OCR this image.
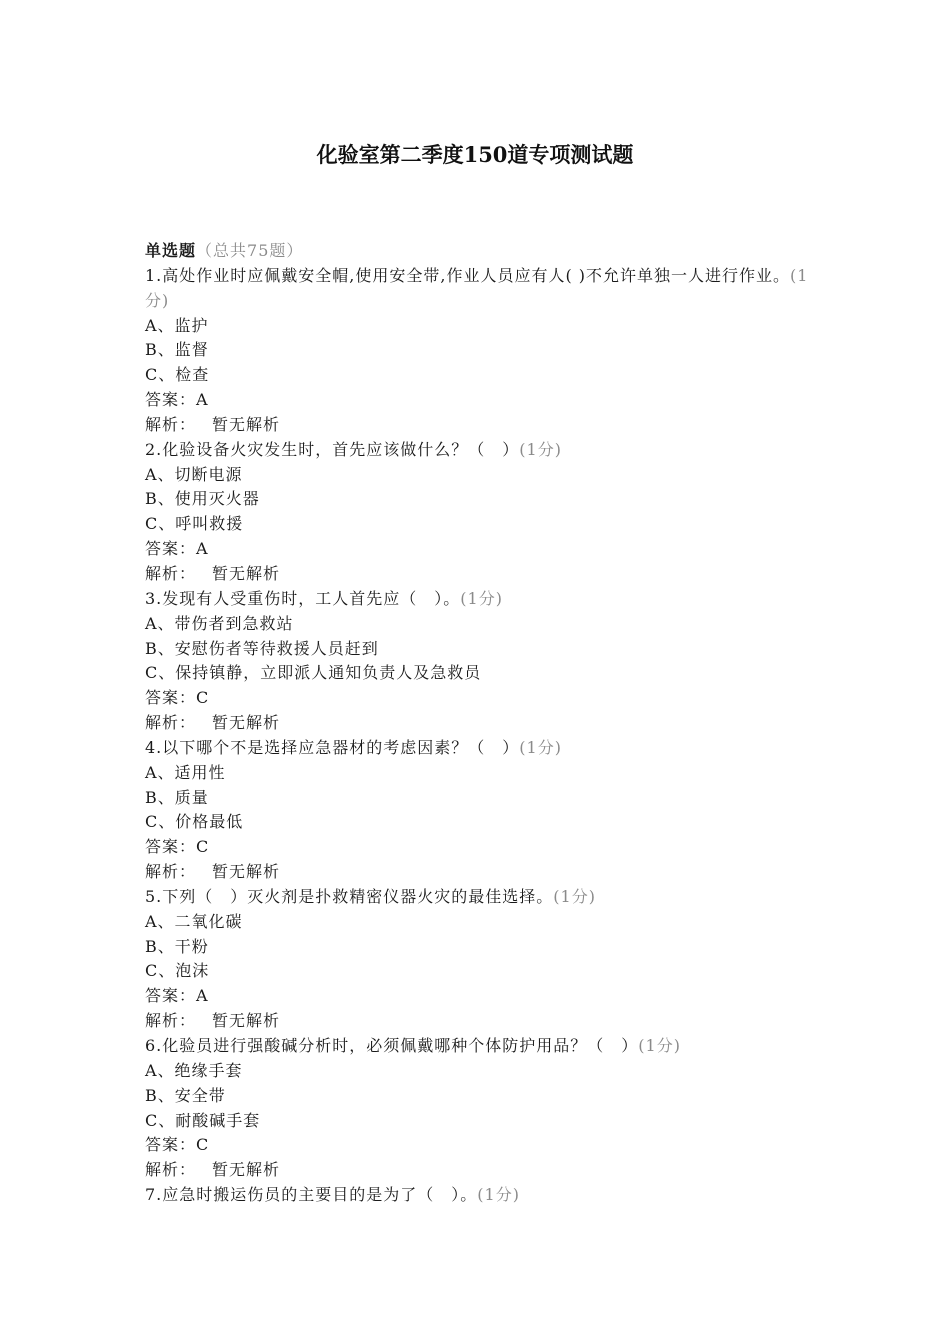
化验室第二季度150道专项测试题
单选题（总共75题）
1.高处作业时应佩戴安全帽,使用安全带,作业人员应有人( )不允许单独一人进行作业。(1分)
A、监护
B、监督
C、检查
答案：A
解析： 暂无解析
2.化验设备火灾发生时，首先应该做什么？（　）(1分)
A、切断电源
B、使用灭火器
C、呼叫救援
答案：A
解析： 暂无解析
3.发现有人受重伤时，工人首先应（　）。(1分)
A、带伤者到急救站
B、安慰伤者等待救援人员赶到
C、保持镇静，立即派人通知负责人及急救员
答案：C
解析： 暂无解析
4.以下哪个不是选择应急器材的考虑因素？（　）(1分)
A、适用性
B、质量
C、价格最低
答案：C
解析： 暂无解析
5.下列（　）灭火剂是扑救精密仪器火灾的最佳选择。(1分)
A、二氧化碳
B、干粉
C、泡沫
答案：A
解析： 暂无解析
6.化验员进行强酸碱分析时，必须佩戴哪种个体防护用品？（　）(1分)
A、绝缘手套
B、安全带
C、耐酸碱手套
答案：C
解析： 暂无解析
7.应急时搬运伤员的主要目的是为了（　）。(1分)
